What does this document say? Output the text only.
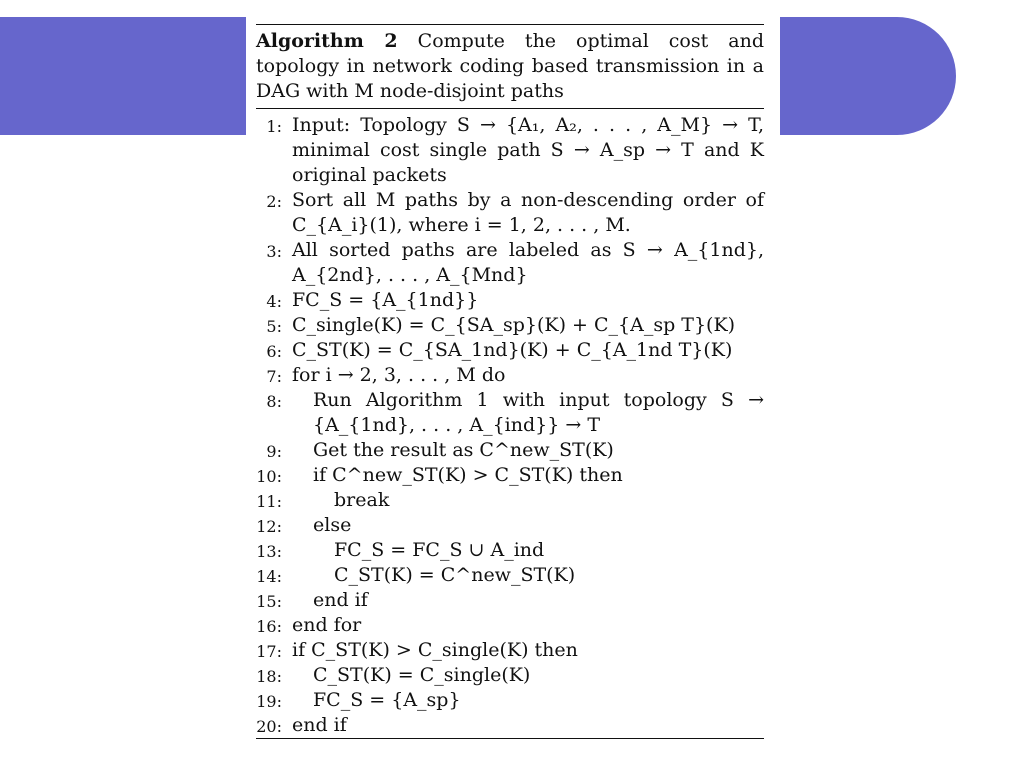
Algorithm 2 Compute the optimal cost and topology in network coding based transmission in a DAG with M node-disjoint paths
1: Input: Topology S → {A₁, A₂, . . . , A_M} → T, minimal cost single path S → A_sp → T and K original packets
2: Sort all M paths by a non-descending order of C_{A_i}(1), where i = 1, 2, . . . , M.
3: All sorted paths are labeled as S → A_{1nd}, A_{2nd}, . . . , A_{Mnd}
4: FC_S = {A_{1nd}}
5: C_single(K) = C_{SA_sp}(K) + C_{A_sp T}(K)
6: C_ST(K) = C_{SA_1nd}(K) + C_{A_1nd T}(K)
7: for i → 2, 3, . . . , M do
8:	Run Algorithm 1 with input topology S → {A_{1nd}, . . . , A_{ind}} → T
9:	Get the result as C^new_ST(K)
10:	if C^new_ST(K) > C_ST(K) then
11:	break
12:	else
13:	FC_S = FC_S ∪ A_ind
14:	C_ST(K) = C^new_ST(K)
15:	end if
16: end for
17: if C_ST(K) > C_single(K) then
18:	C_ST(K) = C_single(K)
19:	FC_S = {A_sp}
20: end if
